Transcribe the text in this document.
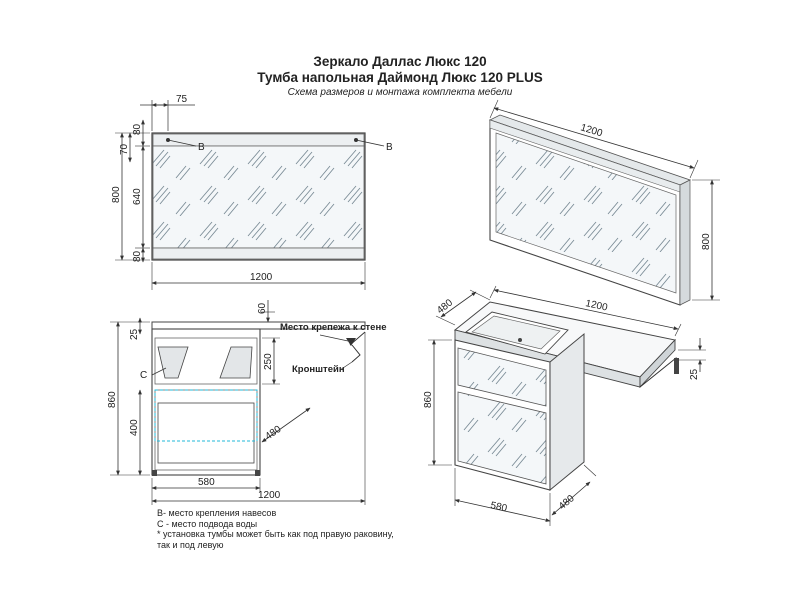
Зеркало Даллас Люкс 120
Тумба напольная Даймонд Люкс 120 PLUS
Схема размеров и монтажа комплекта мебели
B	B
75
800
80
70
640
80
1200
1200
800
C
860
25
400
60
250
480
580
1200
Место крепежа к стене
Кронштейн
480	1200
860
25
580	480
B- место крепления навесов
C - место подвода воды
* установка тумбы может быть как под правую раковину,
так и под левую
